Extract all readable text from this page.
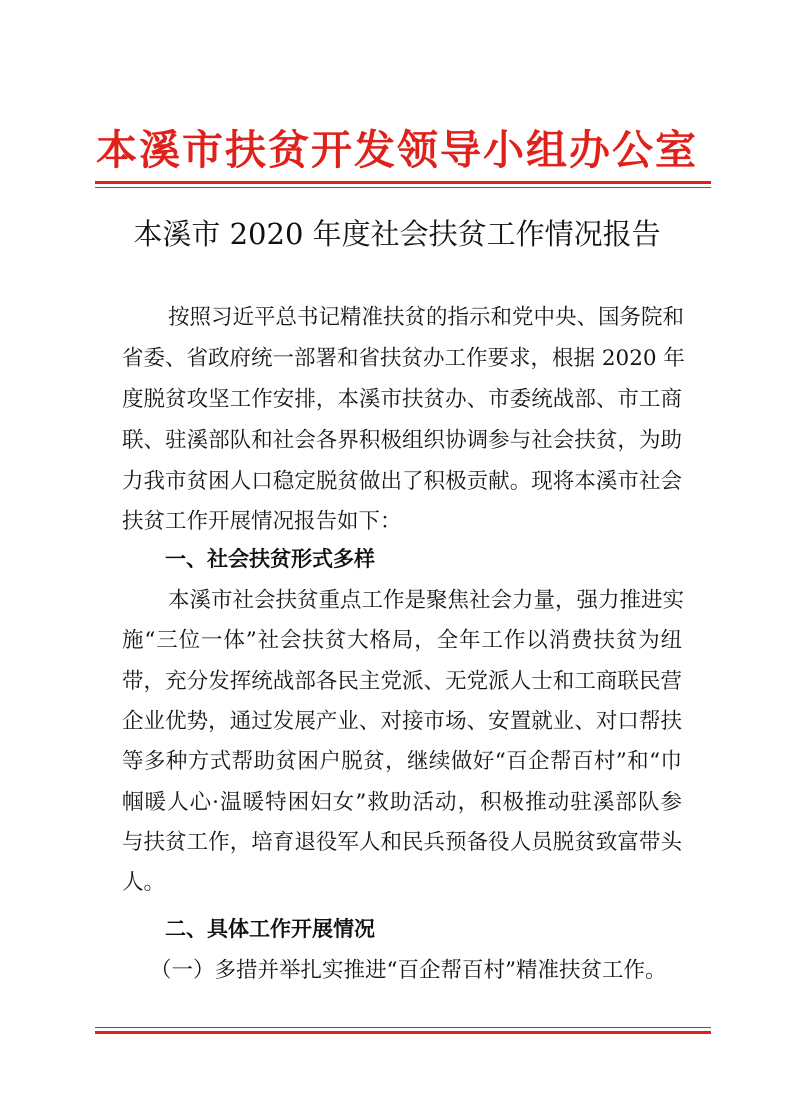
本溪市扶贫开发领导小组办公室
本溪市 2020 年度社会扶贫工作情况报告
按照习近平总书记精准扶贫的指示和党中央、国务院和
省委、省政府统一部署和省扶贫办工作要求，根据 2020 年
度脱贫攻坚工作安排，本溪市扶贫办、市委统战部、市工商
联、驻溪部队和社会各界积极组织协调参与社会扶贫，为助
力我市贫困人口稳定脱贫做出了积极贡献。现将本溪市社会
扶贫工作开展情况报告如下：
一、社会扶贫形式多样
本溪市社会扶贫重点工作是聚焦社会力量，强力推进实
施“三位一体”社会扶贫大格局，全年工作以消费扶贫为纽
带，充分发挥统战部各民主党派、无党派人士和工商联民营
企业优势，通过发展产业、对接市场、安置就业、对口帮扶
等多种方式帮助贫困户脱贫，继续做好“百企帮百村”和“巾
帼暖人心·温暖特困妇女”救助活动，积极推动驻溪部队参
与扶贫工作，培育退役军人和民兵预备役人员脱贫致富带头
人。
二、具体工作开展情况
（一）多措并举扎实推进“百企帮百村”精准扶贫工作。
